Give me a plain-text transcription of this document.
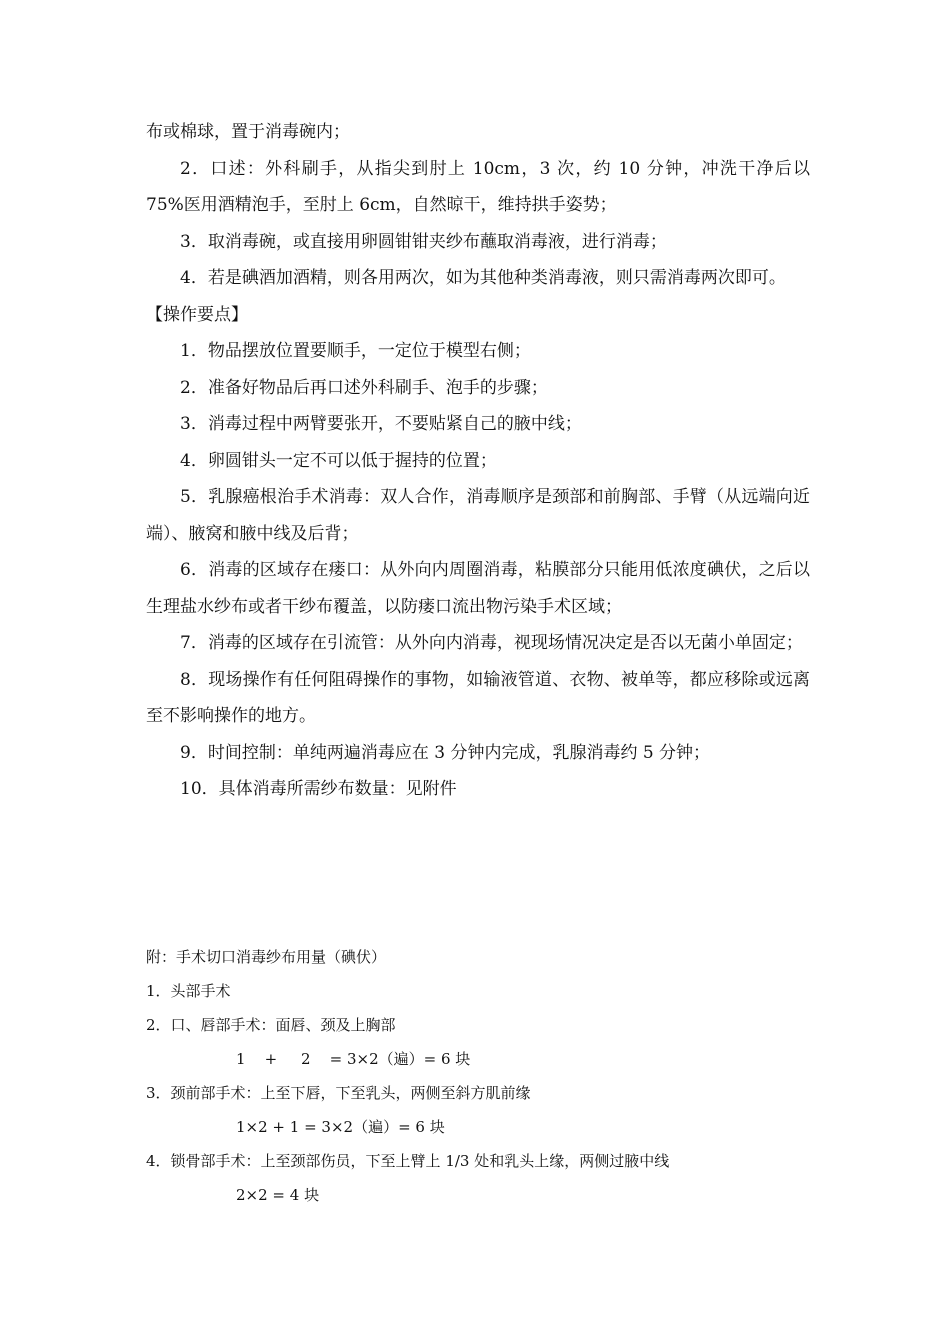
布或棉球，置于消毒碗内；

2．口述：外科刷手，从指尖到肘上 10cm，3 次，约 10 分钟，冲洗干净后以 75%医用酒精泡手，至肘上 6cm，自然晾干，维持拱手姿势；

3．取消毒碗，或直接用卵圆钳钳夹纱布蘸取消毒液，进行消毒；

4．若是碘酒加酒精，则各用两次，如为其他种类消毒液，则只需消毒两次即可。

【操作要点】

1．物品摆放位置要顺手，一定位于模型右侧；

2．准备好物品后再口述外科刷手、泡手的步骤；

3．消毒过程中两臂要张开，不要贴紧自己的腋中线；

4．卵圆钳头一定不可以低于握持的位置；

5．乳腺癌根治手术消毒：双人合作，消毒顺序是颈部和前胸部、手臂（从远端向近端）、腋窝和腋中线及后背；

6．消毒的区域存在瘘口：从外向内周圈消毒，粘膜部分只能用低浓度碘伏，之后以生理盐水纱布或者干纱布覆盖，以防瘘口流出物污染手术区域；

7．消毒的区域存在引流管：从外向内消毒，视现场情况决定是否以无菌小单固定；

8．现场操作有任何阻碍操作的事物，如输液管道、衣物、被单等，都应移除或远离至不影响操作的地方。

9．时间控制：单纯两遍消毒应在 3 分钟内完成，乳腺消毒约 5 分钟；

10．具体消毒所需纱布数量：见附件

附：手术切口消毒纱布用量（碘伏）

1．头部手术

2．口、唇部手术：面唇、颈及上胸部

1    +     2    = 3×2（遍）= 6 块

3．颈前部手术：上至下唇，下至乳头，两侧至斜方肌前缘

1×2 + 1 = 3×2（遍）= 6 块

4．锁骨部手术：上至颈部伤员，下至上臂上 1/3 处和乳头上缘，两侧过腋中线

2×2 = 4 块
